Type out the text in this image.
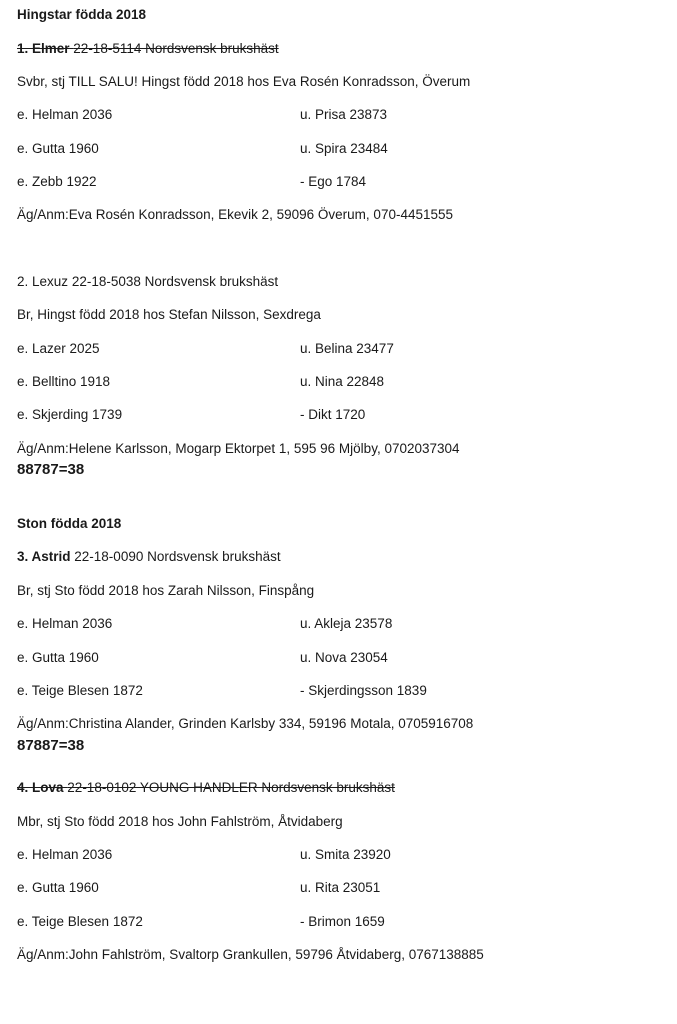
Hingstar födda 2018
1. Elmer 22-18-5114 Nordsvensk brukshäst
Svbr, stj TILL SALU! Hingst född 2018 hos Eva Rosén Konradsson, Överum
e. Helman 2036	u. Prisa 23873
e. Gutta 1960	u. Spira 23484
e. Zebb 1922	- Ego 1784
Äg/Anm:Eva Rosén Konradsson, Ekevik 2, 59096 Överum, 070-4451555
2. Lexuz 22-18-5038 Nordsvensk brukshäst
Br, Hingst född 2018 hos Stefan Nilsson, Sexdrega
e. Lazer 2025	u. Belina 23477
e. Belltino 1918	u. Nina 22848
e. Skjerding 1739	- Dikt 1720
Äg/Anm:Helene Karlsson, Mogarp Ektorpet 1, 595 96 Mjölby, 0702037304
88787=38
Ston födda 2018
3. Astrid 22-18-0090 Nordsvensk brukshäst
Br, stj Sto född 2018 hos Zarah Nilsson, Finspång
e. Helman 2036	u. Akleja 23578
e. Gutta 1960	u. Nova 23054
e. Teige Blesen 1872	- Skjerdingsson 1839
Äg/Anm:Christina Alander, Grinden Karlsby 334, 59196 Motala, 0705916708
87887=38
4. Lova 22-18-0102 YOUNG HANDLER Nordsvensk brukshäst
Mbr, stj Sto född 2018 hos John Fahlström, Åtvidaberg
e. Helman 2036	u. Smita 23920
e. Gutta 1960	u. Rita 23051
e. Teige Blesen 1872	- Brimon 1659
Äg/Anm:John Fahlström, Svaltorp Grankullen, 59796 Åtvidaberg, 0767138885
